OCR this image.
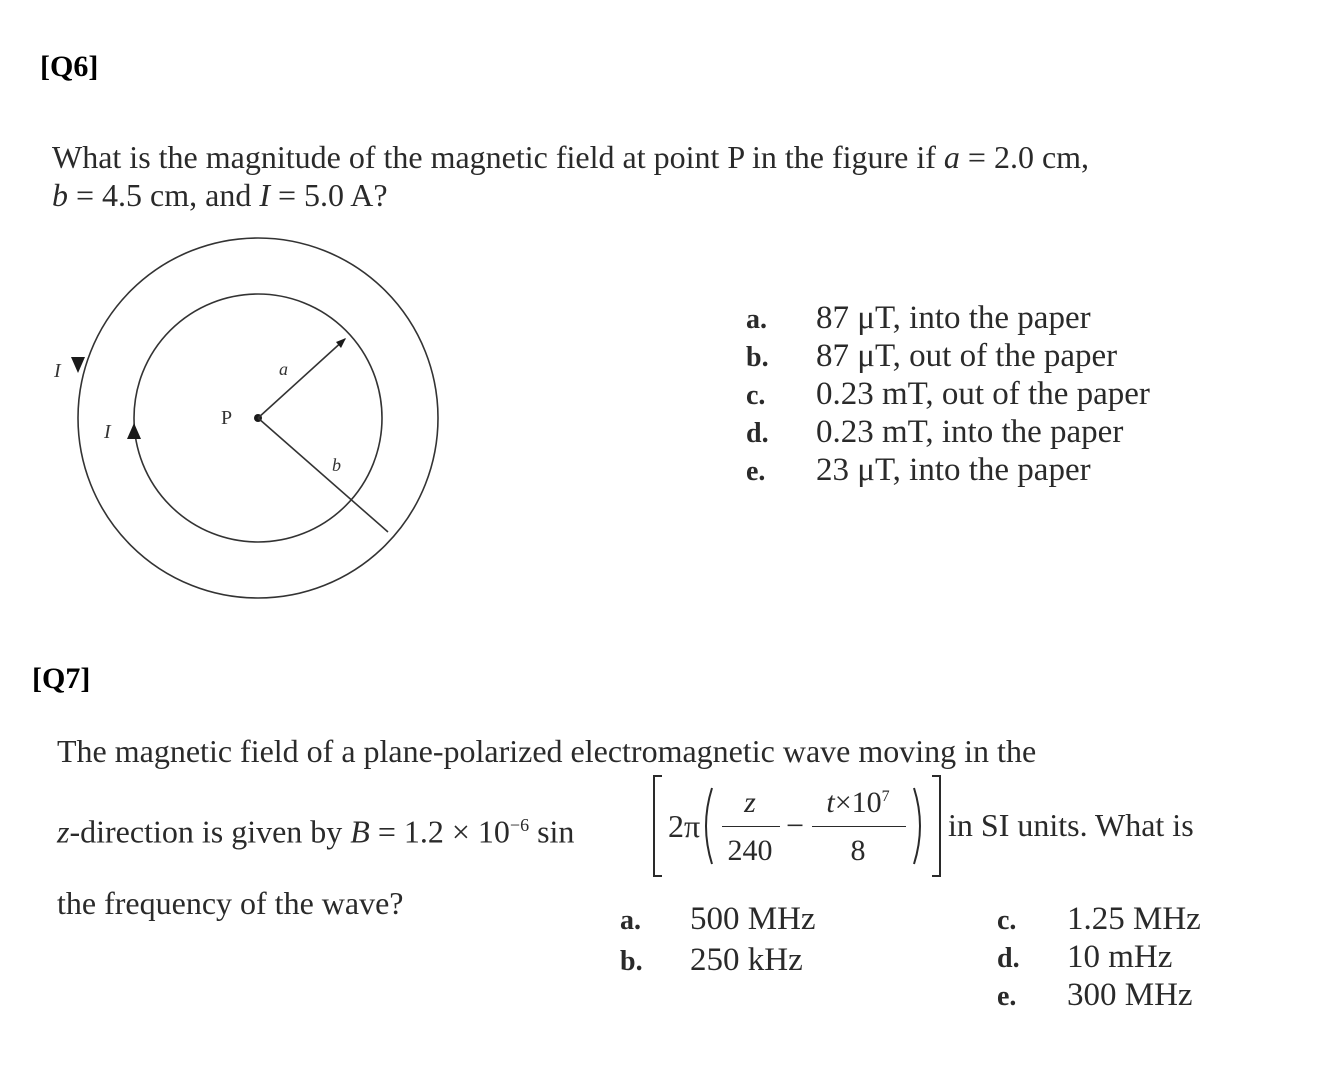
[Q6]
What is the magnitude of the magnetic field at point P in the figure if a = 2.0 cm,
b = 4.5 cm, and I = 5.0 A?
I
I
a
b
P
a. 87 μT, into the paper
b. 87 μT, out of the paper
c. 0.23 mT, out of the paper
d. 0.23 mT, into the paper
e. 23 μT, into the paper
[Q7]
The magnetic field of a plane-polarized electromagnetic wave moving in the
z-direction is given by $B = 1.2 \times 10^{-6}$ sin	2π
z
240
−
$t\times 10^7$
8
in SI units. What is
the frequency of the wave?	a. 500 MHz
b. 250 kHz
c. 1.25 MHz
d. 10 mHz
e. 300 MHz
